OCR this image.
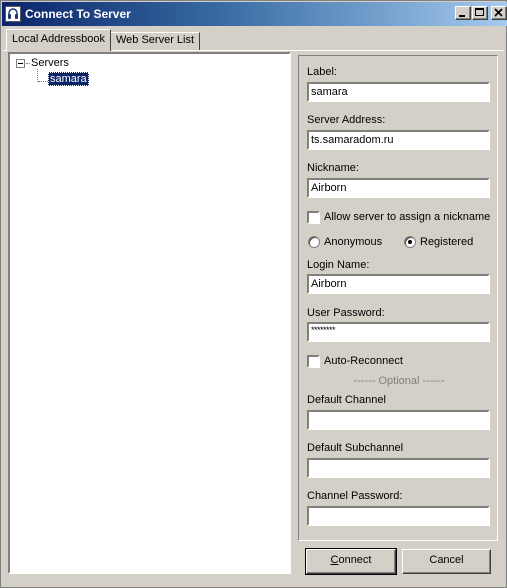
Connect To Server
Local Addressbook	Web Server List
Servers
samara
Label:
samara
Server Address:
ts.samaradom.ru
Nickname:
Airborn
Allow server to assign a nickname
Anonymous	Registered
Login Name:
Airborn
User Password:
********
Auto-Reconnect
------ Optional ------
Default Channel
Default Subchannel
Channel Password:
Connect	Cancel
